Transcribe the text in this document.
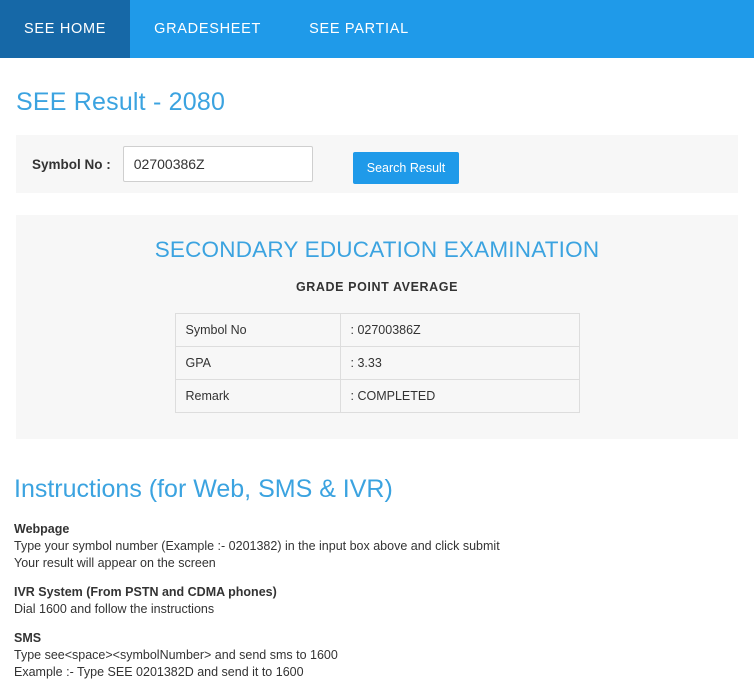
SEE HOME	GRADESHEET	SEE PARTIAL
SEE Result - 2080
Symbol No :
02700386Z	Search Result
SECONDARY EDUCATION EXAMINATION
GRADE POINT AVERAGE
Symbol No	: 02700386Z
GPA	: 3.33
Remark	: COMPLETED
Instructions (for Web, SMS & IVR)
Webpage
Type your symbol number (Example :- 0201382) in the input box above and click submit
Your result will appear on the screen
IVR System (From PSTN and CDMA phones)
Dial 1600 and follow the instructions
SMS
Type see<space><symbolNumber> and send sms to 1600
Example :- Type SEE 0201382D and send it to 1600
